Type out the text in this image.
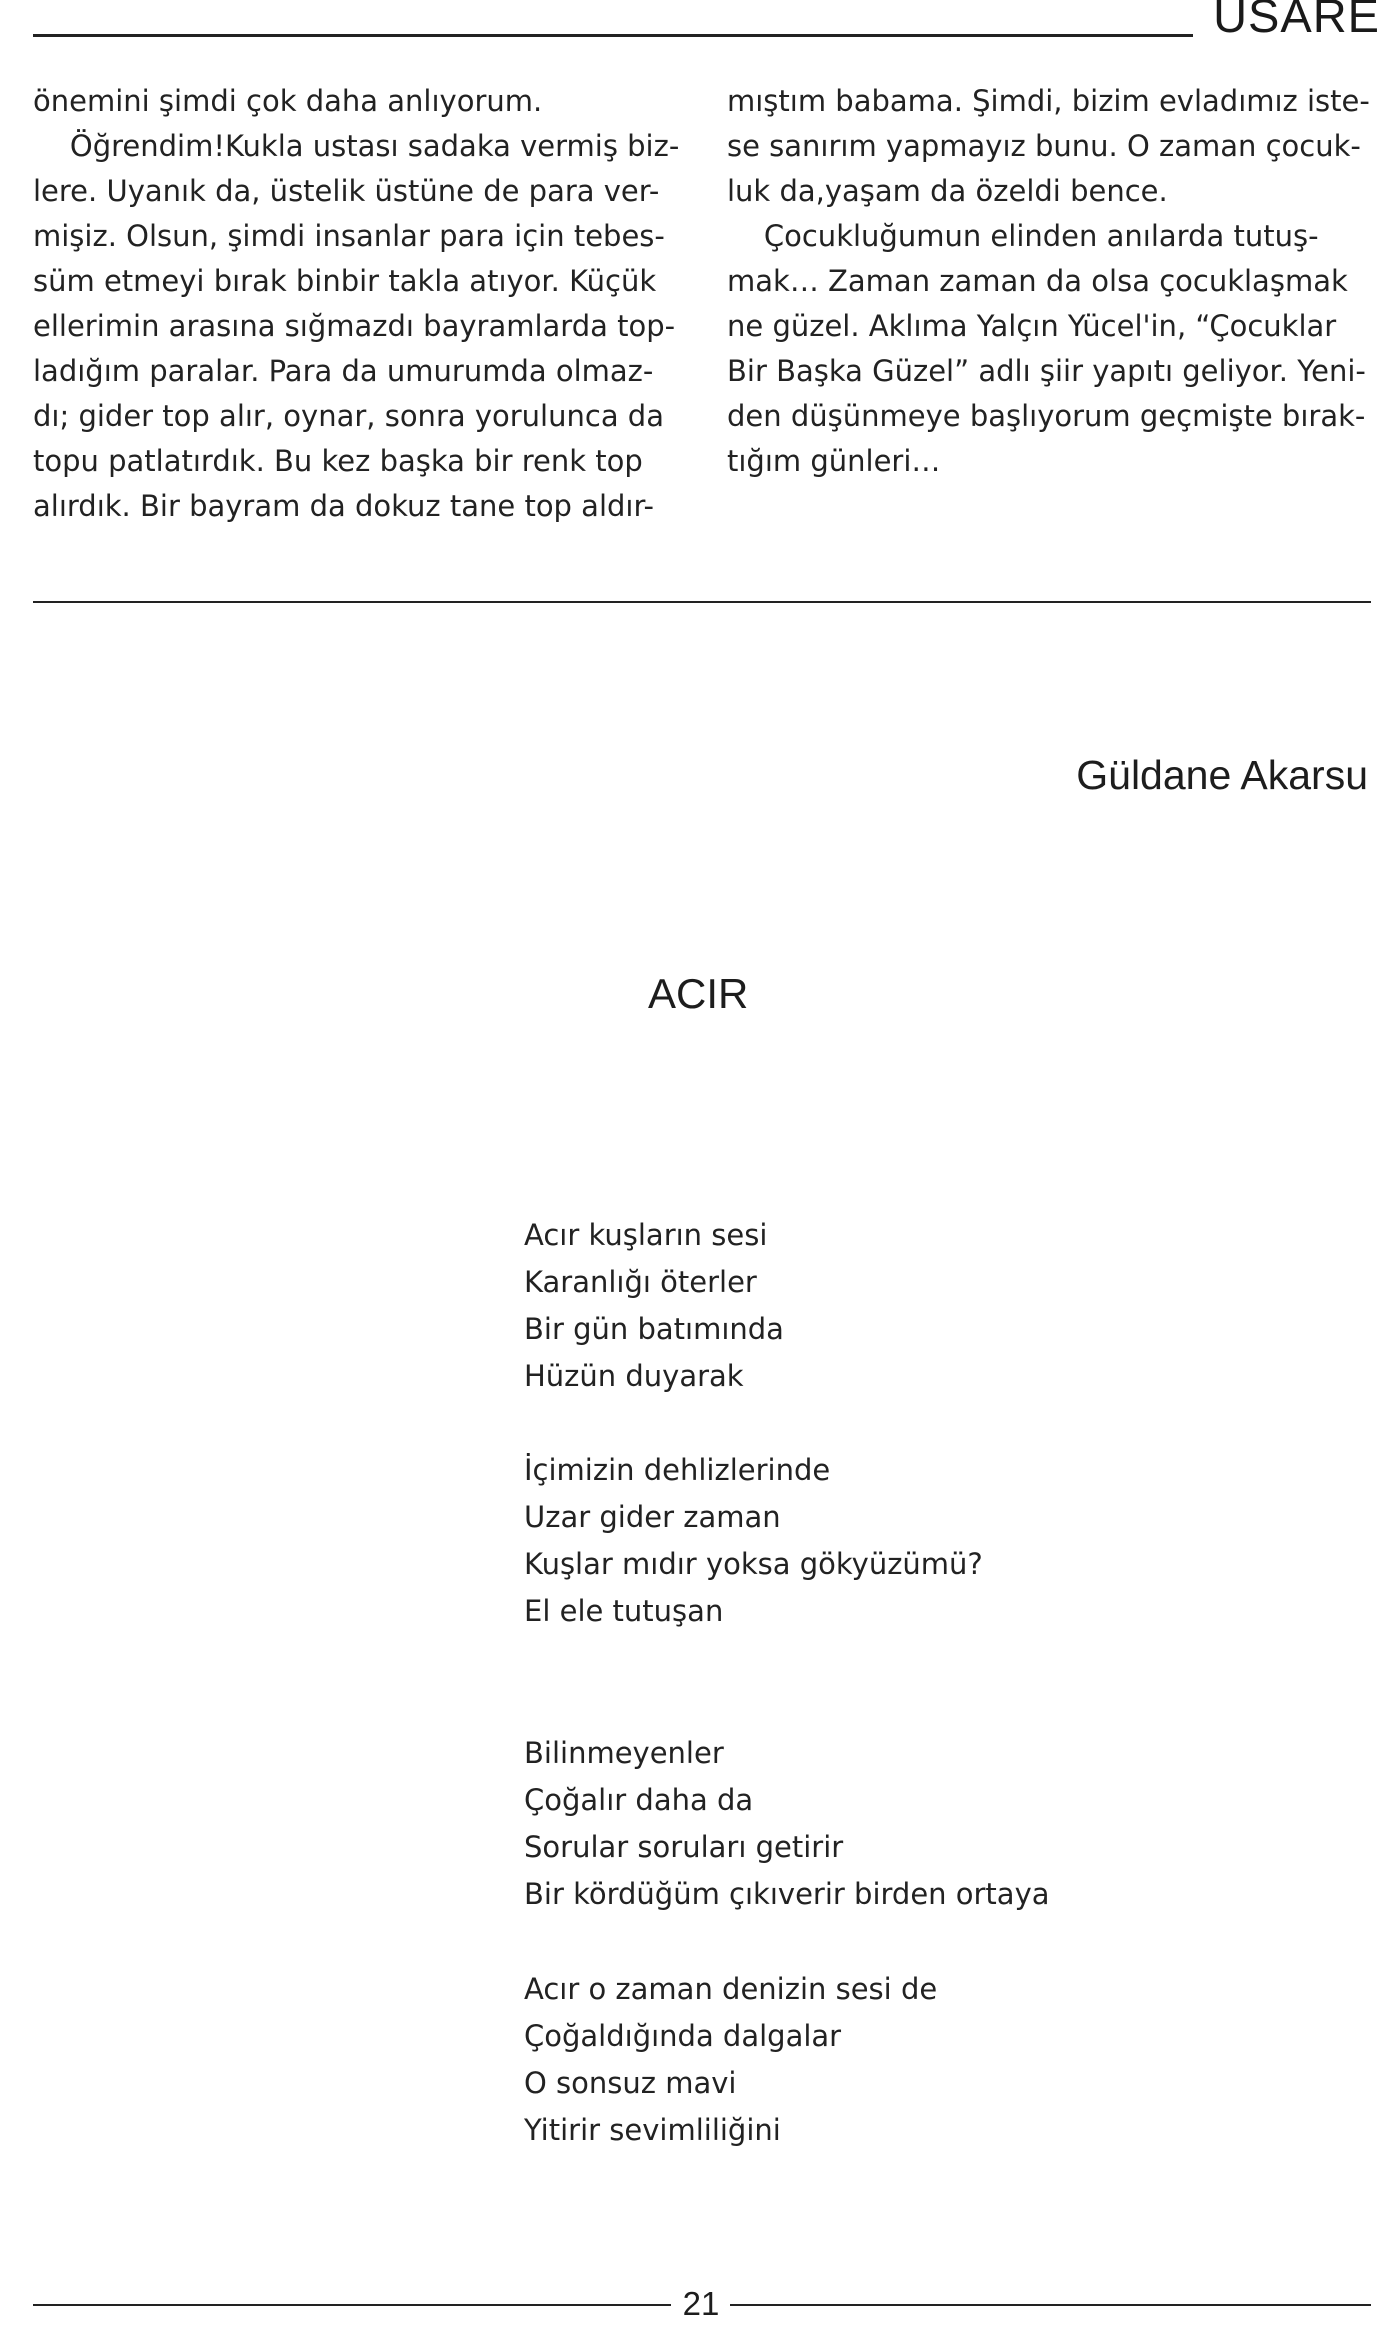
USARE

önemini şimdi çok daha anlıyorum.

Öğrendim!Kukla ustası sadaka vermiş biz-

lere. Uyanık da, üstelik üstüne de para ver-

mişiz. Olsun, şimdi insanlar para için tebes-

süm etmeyi bırak binbir takla atıyor. Küçük

ellerimin arasına sığmazdı bayramlarda top-

ladığım paralar. Para da umurumda olmaz-

dı; gider top alır, oynar, sonra yorulunca da

topu patlatırdık. Bu kez başka bir renk top

alırdık. Bir bayram da dokuz tane top aldır-

mıştım babama. Şimdi, bizim evladımız iste-

se sanırım yapmayız bunu. O zaman çocuk-

luk da,yaşam da özeldi bence.

Çocukluğumun elinden anılarda tutuş-

mak… Zaman zaman da olsa çocuklaşmak

ne güzel. Aklıma Yalçın Yücel'in, “Çocuklar

Bir Başka Güzel” adlı şiir yapıtı geliyor. Yeni-

den düşünmeye başlıyorum geçmişte bırak-

tığım günleri…

Güldane Akarsu
ACIR

Acır kuşların sesi

Karanlığı öterler

Bir gün batımında

Hüzün duyarak

İçimizin dehlizlerinde

Uzar gider zaman

Kuşlar mıdır yoksa gökyüzümü?

El ele tutuşan

Bilinmeyenler

Çoğalır daha da

Sorular soruları getirir

Bir kördüğüm çıkıverir birden ortaya

Acır o zaman denizin sesi de

Çoğaldığında dalgalar

O sonsuz mavi

Yitirir sevimliliğini

21
